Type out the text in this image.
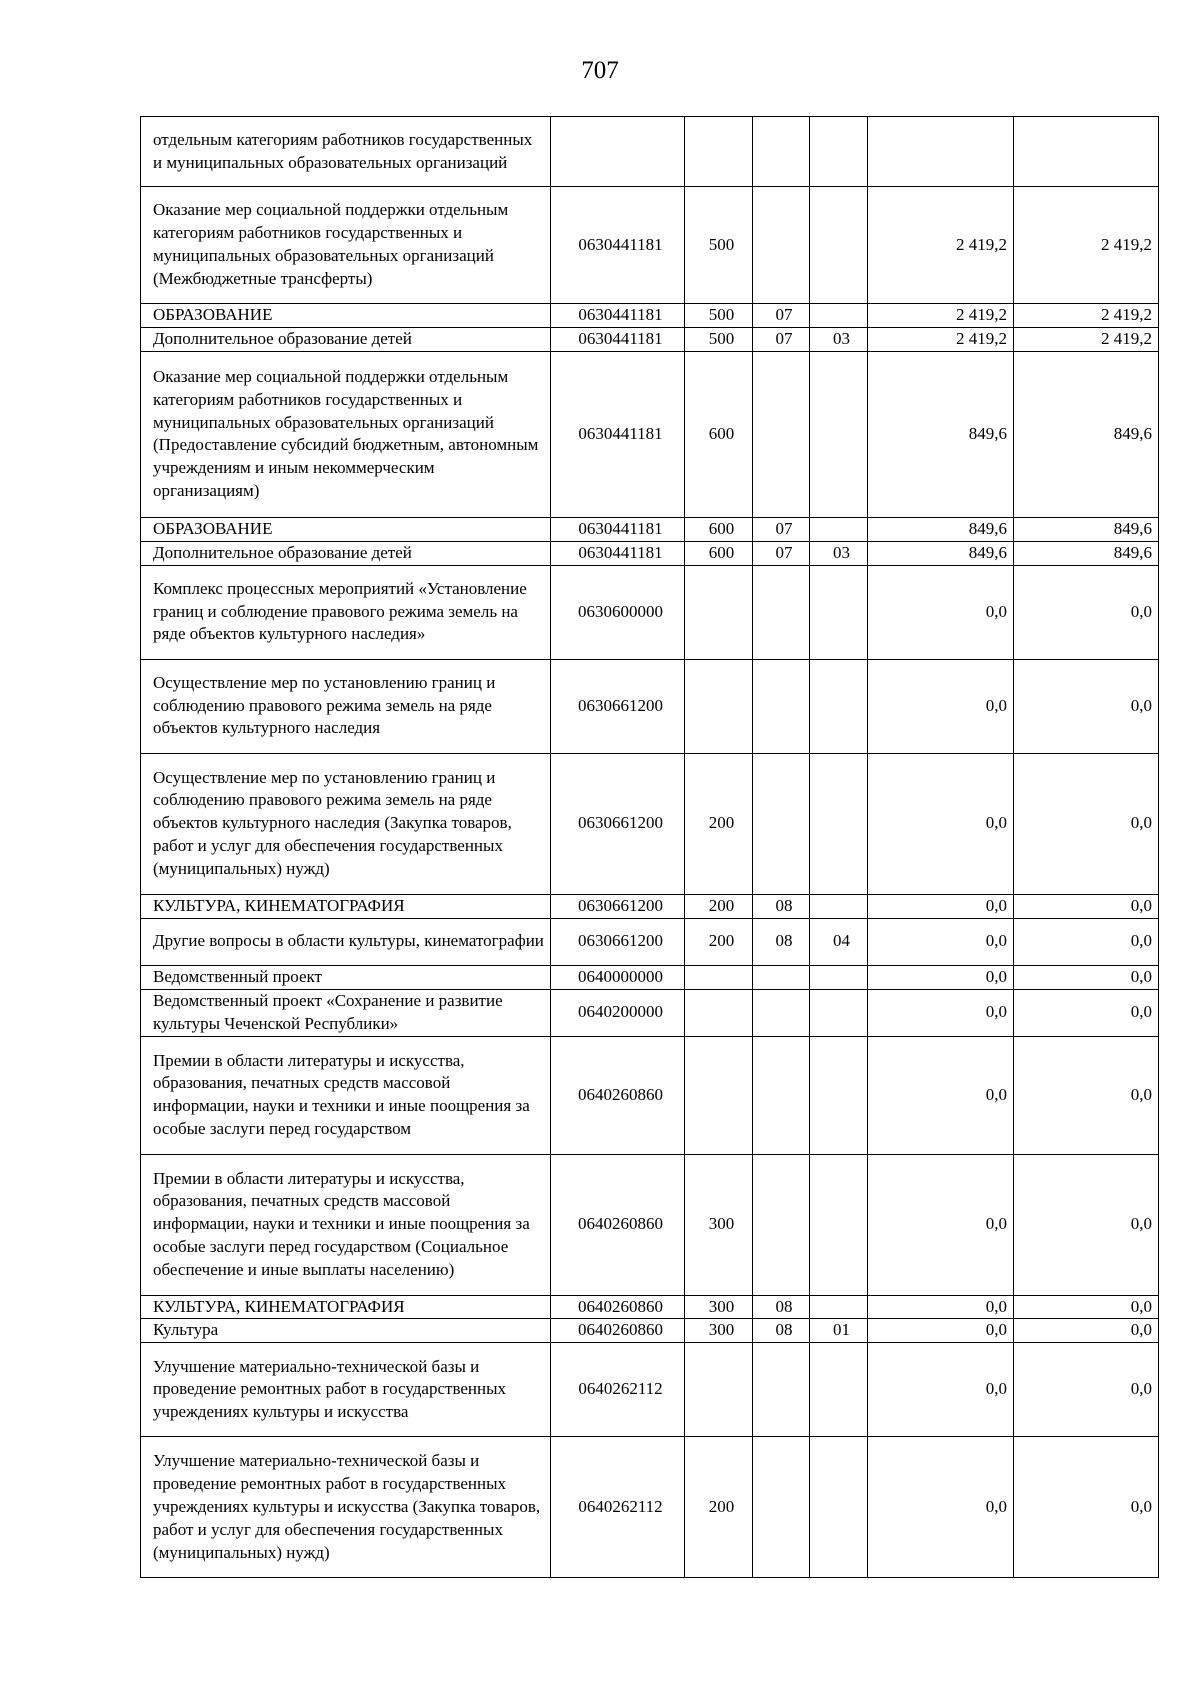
707
отдельным категориям работников государственных и муниципальных образовательных организаций						
Оказание мер социальной поддержки отдельным категориям работников государственных и муниципальных образовательных организаций (Межбюджетные трансферты)	0630441181	500			2 419,2	2 419,2
ОБРАЗОВАНИЕ	0630441181	500	07		2 419,2	2 419,2
Дополнительное образование детей	0630441181	500	07	03	2 419,2	2 419,2
Оказание мер социальной поддержки отдельным категориям работников государственных и муниципальных образовательных организаций (Предоставление субсидий бюджетным, автономным учреждениям и иным некоммерческим организациям)	0630441181	600			849,6	849,6
ОБРАЗОВАНИЕ	0630441181	600	07		849,6	849,6
Дополнительное образование детей	0630441181	600	07	03	849,6	849,6
Комплекс процессных мероприятий «Установление границ и соблюдение правового режима земель на ряде объектов культурного наследия»	0630600000				0,0	0,0
Осуществление мер по установлению границ и соблюдению правового режима земель на ряде объектов культурного наследия	0630661200				0,0	0,0
Осуществление мер по установлению границ и соблюдению правового режима земель на ряде объектов культурного наследия (Закупка товаров, работ и услуг для обеспечения государственных (муниципальных) нужд)	0630661200	200			0,0	0,0
КУЛЬТУРА, КИНЕМАТОГРАФИЯ	0630661200	200	08		0,0	0,0
Другие вопросы в области культуры, кинематографии	0630661200	200	08	04	0,0	0,0
Ведомственный проект	0640000000				0,0	0,0
Ведомственный проект «Сохранение и развитие культуры Чеченской Республики»	0640200000				0,0	0,0
Премии в области литературы и искусства, образования, печатных средств массовой информации, науки и техники и иные поощрения за особые заслуги перед государством	0640260860				0,0	0,0
Премии в области литературы и искусства, образования, печатных средств массовой информации, науки и техники и иные поощрения за особые заслуги перед государством (Социальное обеспечение и иные выплаты населению)	0640260860	300			0,0	0,0
КУЛЬТУРА, КИНЕМАТОГРАФИЯ	0640260860	300	08		0,0	0,0
Культура	0640260860	300	08	01	0,0	0,0
Улучшение материально-технической базы и проведение ремонтных работ в государственных учреждениях культуры и искусства	0640262112				0,0	0,0
Улучшение материально-технической базы и проведение ремонтных работ в государственных учреждениях культуры и искусства (Закупка товаров, работ и услуг для обеспечения государственных (муниципальных) нужд)	0640262112	200			0,0	0,0
